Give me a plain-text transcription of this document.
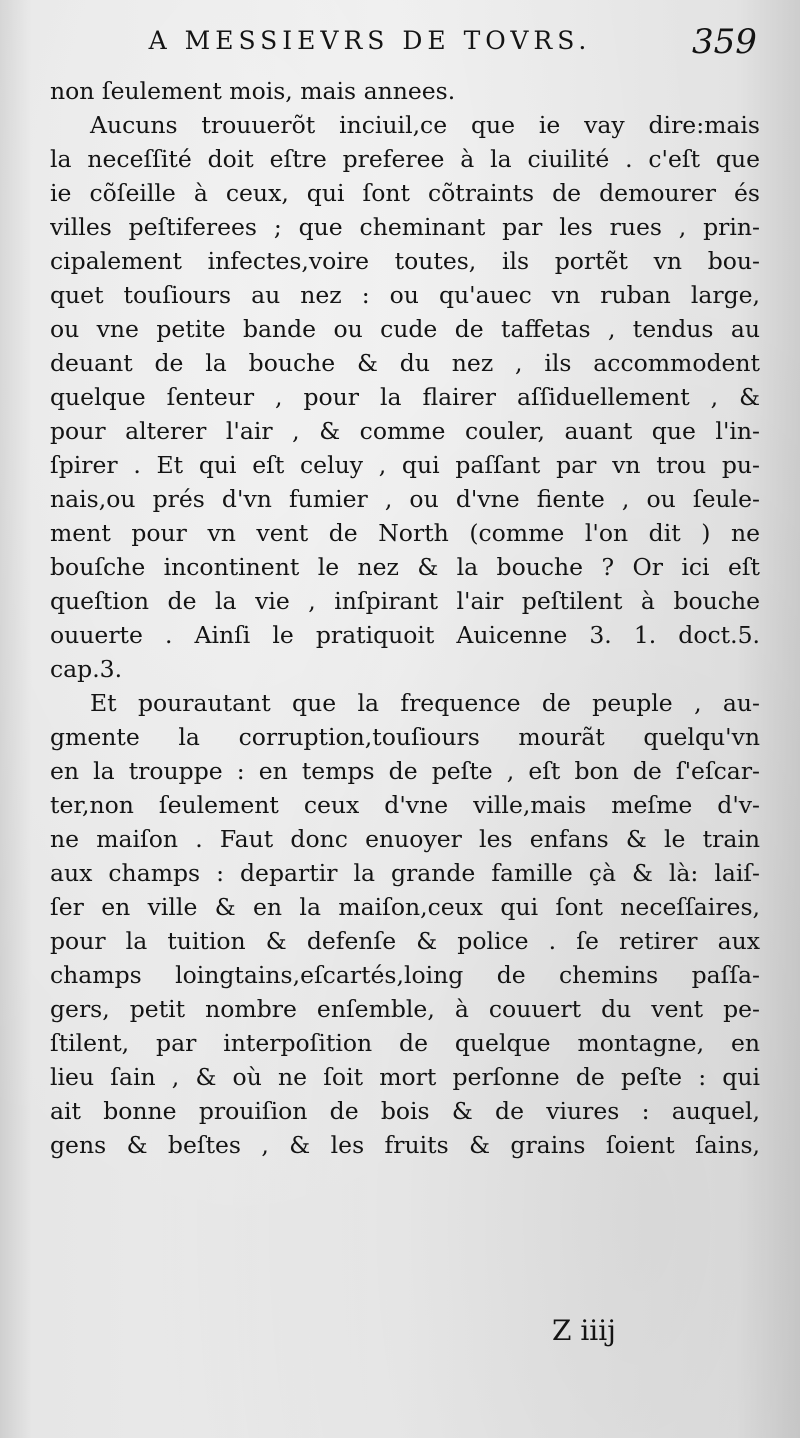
A MESSIEVRS DE TOVRS.	359
non ſeulement mois, mais annees.
Aucuns trouuerõt inciuil,ce que ie vay dire:mais
la neceſſité doit eſtre preferee à la ciuilité . c'eſt que
ie cõſeille à ceux, qui ſont cõtraints de demourer és
villes peſtiferees ; que cheminant par les rues , prin-
cipalement infectes,voire toutes, ils portẽt vn bou-
quet touſiours au nez : ou qu'auec vn ruban large,
ou vne petite bande ou cude de taffetas , tendus au
deuant de la bouche & du nez , ils accommodent
quelque ſenteur , pour la flairer aſſiduellement , &
pour alterer l'air , & comme couler, auant que l'in-
ſpirer . Et qui eſt celuy , qui paſſant par vn trou pu-
nais,ou prés d'vn fumier , ou d'vne fiente , ou ſeule-
ment pour vn vent de North (comme l'on dit ) ne
bouſche incontinent le nez & la bouche ? Or ici eſt
queſtion de la vie , inſpirant l'air peſtilent à bouche
ouuerte . Ainſi le pratiquoit Auicenne 3. 1. doct.5.
cap.3.
Et pourautant que la frequence de peuple , au-
gmente la corruption,touſiours mourãt quelqu'vn
en la trouppe : en temps de peſte , eſt bon de ſ'eſcar-
ter,non ſeulement ceux d'vne ville,mais meſme d'v-
ne maiſon . Faut donc enuoyer les enfans & le train
aux champs : departir la grande famille çà & là: laiſ-
ſer en ville & en la maiſon,ceux qui ſont neceſſaires,
pour la tuition & defenſe & police . ſe retirer aux
champs loingtains,eſcartés,loing de chemins paſſa-
gers, petit nombre enſemble, à couuert du vent pe-
ſtilent, par interpoſition de quelque montagne, en
lieu ſain , & où ne ſoit mort perſonne de peſte : qui
ait bonne prouiſion de bois & de viures : auquel,
gens & beſtes , & les fruits & grains ſoient ſains,
Z iiij
